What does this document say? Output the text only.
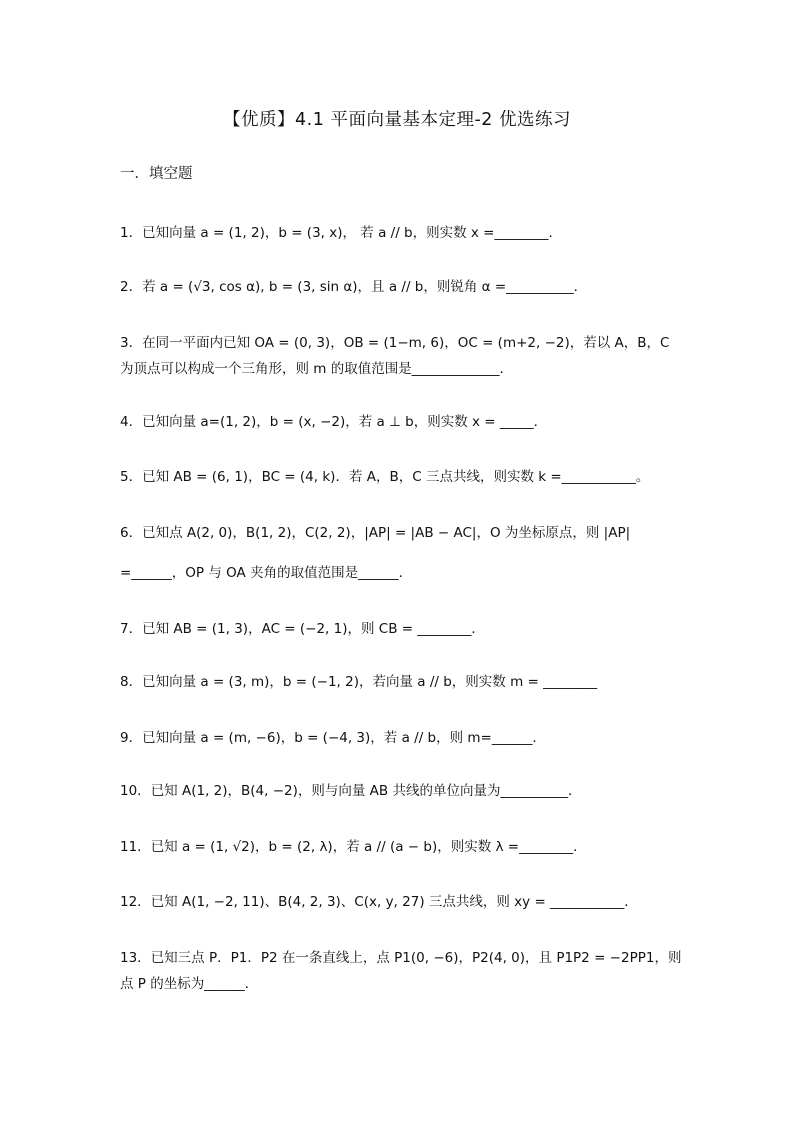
【优质】4.1 平面向量基本定理-2 优选练习
一．填空题
1．已知向量 a = (1, 2)，b = (3, x)， 若 a // b，则实数 x =________．
2．若 a = (√3, cos α), b = (3, sin α)，且 a // b，则锐角 α =__________．
3．在同一平面内已知 OA = (0, 3)，OB = (1−m, 6)，OC = (m+2, −2)，若以 A，B，C
为顶点可以构成一个三角形，则 m 的取值范围是_____________．
4．已知向量 a=(1, 2)，b = (x, −2)，若 a ⊥ b，则实数 x = _____．
5．已知 AB = (6, 1)，BC = (4, k)．若 A，B，C 三点共线，则实数 k =___________。
6．已知点 A(2, 0)，B(1, 2)，C(2, 2)，|AP| = |AB − AC|，O 为坐标原点，则 |AP|
=______，OP 与 OA 夹角的取值范围是______．
7．已知 AB = (1, 3)，AC = (−2, 1)，则 CB = ________．
8．已知向量 a = (3, m)，b = (−1, 2)，若向量 a // b，则实数 m = ________
9．已知向量 a = (m, −6)，b = (−4, 3)，若 a // b，则 m=______．
10．已知 A(1, 2)，B(4, −2)，则与向量 AB 共线的单位向量为__________．
11．已知 a = (1, √2)，b = (2, λ)，若 a // (a − b)，则实数 λ =________．
12．已知 A(1, −2, 11)、B(4, 2, 3)、C(x, y, 27) 三点共线，则 xy = ___________．
13．已知三点 P．P1．P2 在一条直线上，点 P1(0, −6)，P2(4, 0)，且 P1P2 = −2PP1，则
点 P 的坐标为______．
